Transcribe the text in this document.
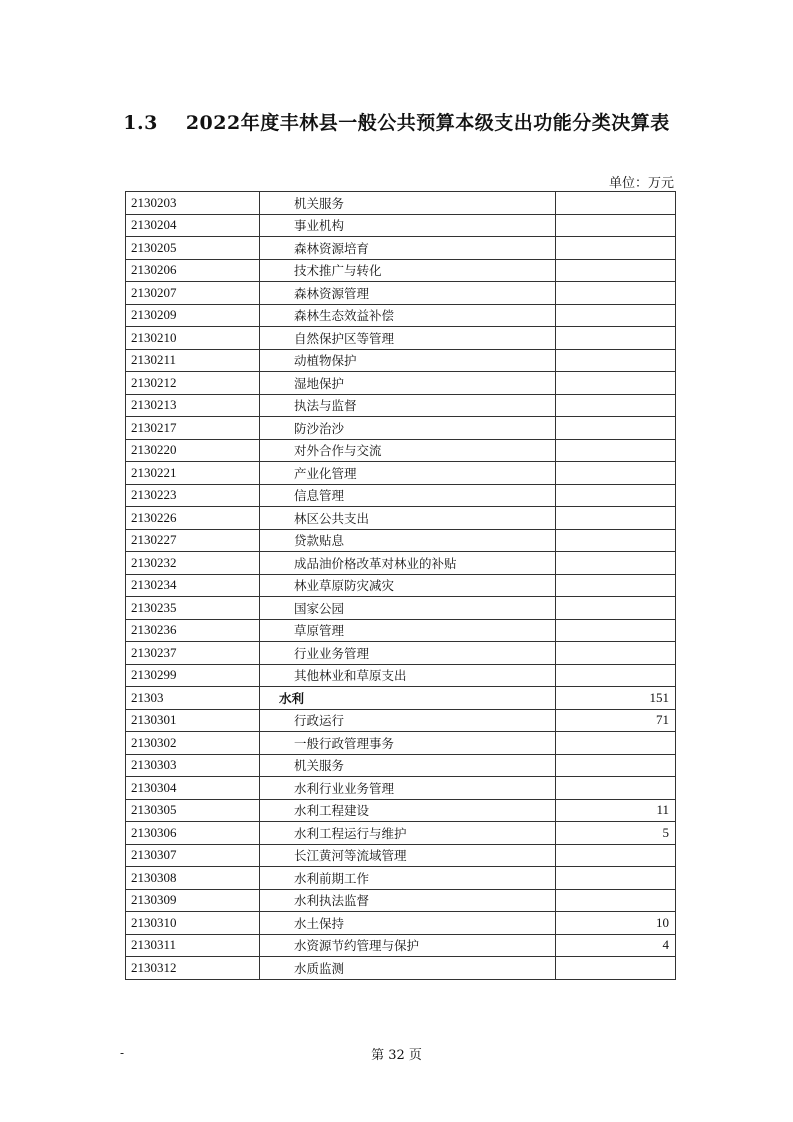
1.3 2022年度丰林县一般公共预算本级支出功能分类决算表
单位：万元
2130203	机关服务	
2130204	事业机构	
2130205	森林资源培育	
2130206	技术推广与转化	
2130207	森林资源管理	
2130209	森林生态效益补偿	
2130210	自然保护区等管理	
2130211	动植物保护	
2130212	湿地保护	
2130213	执法与监督	
2130217	防沙治沙	
2130220	对外合作与交流	
2130221	产业化管理	
2130223	信息管理	
2130226	林区公共支出	
2130227	贷款贴息	
2130232	成品油价格改革对林业的补贴	
2130234	林业草原防灾减灾	
2130235	国家公园	
2130236	草原管理	
2130237	行业业务管理	
2130299	其他林业和草原支出	
21303	水利	151
2130301	行政运行	71
2130302	一般行政管理事务	
2130303	机关服务	
2130304	水利行业业务管理	
2130305	水利工程建设	11
2130306	水利工程运行与维护	5
2130307	长江黄河等流域管理	
2130308	水利前期工作	
2130309	水利执法监督	
2130310	水土保持	10
2130311	水资源节约管理与保护	4
2130312	水质监测	
-	第 32 页
